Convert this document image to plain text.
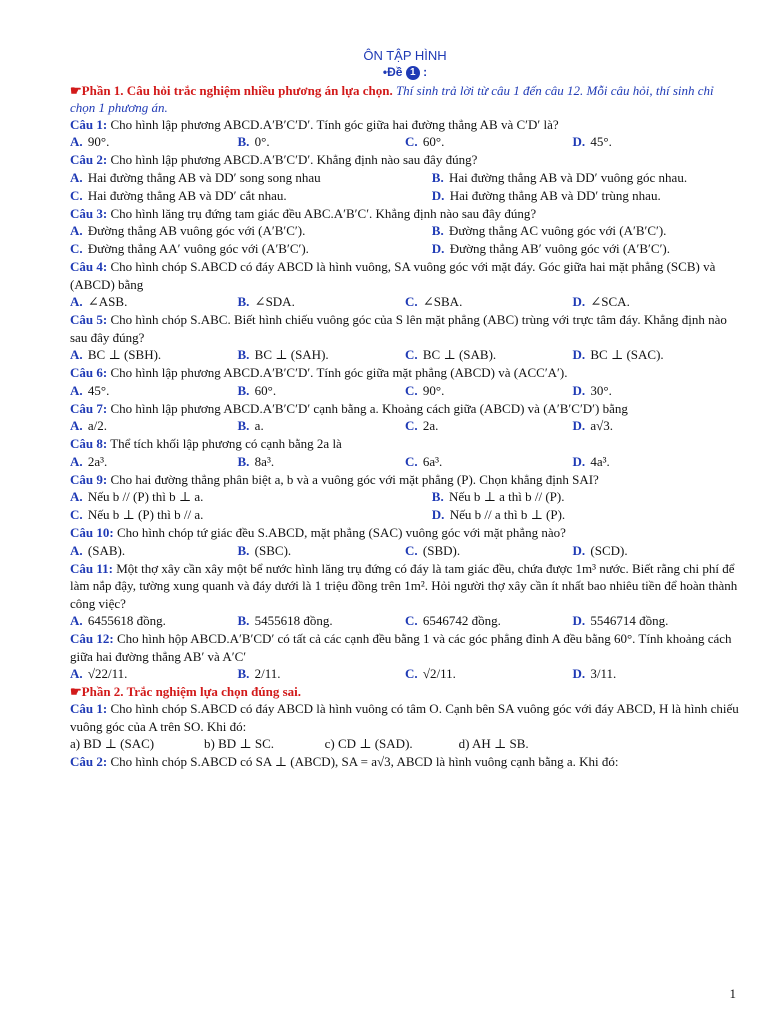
ÔN TẬP HÌNH
•Đề 1 :
☛Phần 1. Câu hỏi trắc nghiệm nhiều phương án lựa chọn. Thí sinh trả lời từ câu 1 đến câu 12. Mỗi câu hỏi, thí sinh chỉ chọn 1 phương án.
Câu 1: Cho hình lập phương ABCD.A′B′C′D′. Tính góc giữa hai đường thẳng AB và C′D′ là?
A. 90°.	B. 0°.	C. 60°.	D. 45°.
Câu 2: Cho hình lập phương ABCD.A′B′C′D′. Khẳng định nào sau đây đúng?
A. Hai đường thẳng AB và DD′ song song nhau	B. Hai đường thẳng AB và DD′ vuông góc nhau.
C. Hai đường thẳng AB và DD′ cắt nhau.	D. Hai đường thẳng AB và DD′ trùng nhau.
Câu 3: Cho hình lăng trụ đứng tam giác đều ABC.A′B′C′. Khẳng định nào sau đây đúng?
A. Đường thẳng AB vuông góc với (A′B′C′).	B. Đường thẳng AC vuông góc với (A′B′C′).
C. Đường thẳng AA′ vuông góc với (A′B′C′).	D. Đường thẳng AB′ vuông góc với (A′B′C′).
Câu 4: Cho hình chóp S.ABCD có đáy ABCD là hình vuông, SA vuông góc với mặt đáy. Góc giữa hai mặt phẳng (SCB) và (ABCD) bằng
A. ∠ASB.	B. ∠SDA.	C. ∠SBA.	D. ∠SCA.
Câu 5: Cho hình chóp S.ABC. Biết hình chiếu vuông góc của S lên mặt phẳng (ABC) trùng với trực tâm đáy. Khẳng định nào sau đây đúng?
A. BC ⊥ (SBH).	B. BC ⊥ (SAH).	C. BC ⊥ (SAB).	D. BC ⊥ (SAC).
Câu 6: Cho hình lập phương ABCD.A′B′C′D′. Tính góc giữa mặt phẳng (ABCD) và (ACC′A′).
A. 45°.	B. 60°.	C. 90°.	D. 30°.
Câu 7: Cho hình lập phương ABCD.A′B′C′D′ cạnh bằng a. Khoảng cách giữa (ABCD) và (A′B′C′D′) bằng
A. a/2.	B. a.	C. 2a.	D. a√3.
Câu 8: Thể tích khối lập phương có cạnh bằng 2a là
A. 2a³.	B. 8a³.	C. 6a³.	D. 4a³.
Câu 9: Cho hai đường thẳng phân biệt a, b và a vuông góc với mặt phẳng (P). Chọn khẳng định SAI?
A. Nếu b // (P) thì b ⊥ a.	B. Nếu b ⊥ a thì b // (P).
C. Nếu b ⊥ (P) thì b // a.	D. Nếu b // a thì b ⊥ (P).
Câu 10: Cho hình chóp tứ giác đều S.ABCD, mặt phẳng (SAC) vuông góc với mặt phẳng nào?
A. (SAB).	B. (SBC).	C. (SBD).	D. (SCD).
Câu 11: Một thợ xây cần xây một bể nước hình lăng trụ đứng có đáy là tam giác đều, chứa được 1m³ nước. Biết rằng chi phí để làm nắp đậy, tường xung quanh và đáy dưới là 1 triệu đồng trên 1m². Hỏi người thợ xây cần ít nhất bao nhiêu tiền để hoàn thành công việc?
A. 6455618 đồng.	B. 5455618 đồng.	C. 6546742 đồng.	D. 5546714 đồng.
Câu 12: Cho hình hộp ABCD.A′B′CD′ có tất cả các cạnh đều bằng 1 và các góc phẳng đỉnh A đều bằng 60°. Tính khoảng cách giữa hai đường thẳng AB′ và A′C′
A. √22/11.	B. 2/11.	C. √2/11.	D. 3/11.
☛Phần 2. Trắc nghiệm lựa chọn đúng sai.
Câu 1: Cho hình chóp S.ABCD có đáy ABCD là hình vuông có tâm O. Cạnh bên SA vuông góc với đáy ABCD, H là hình chiếu vuông góc của A trên SO. Khi đó:
a) BD ⊥ (SAC)	b) BD ⊥ SC.	c) CD ⊥ (SAD).	d) AH ⊥ SB.
Câu 2: Cho hình chóp S.ABCD có SA ⊥ (ABCD), SA = a√3, ABCD là hình vuông cạnh bằng a. Khi đó:
1
